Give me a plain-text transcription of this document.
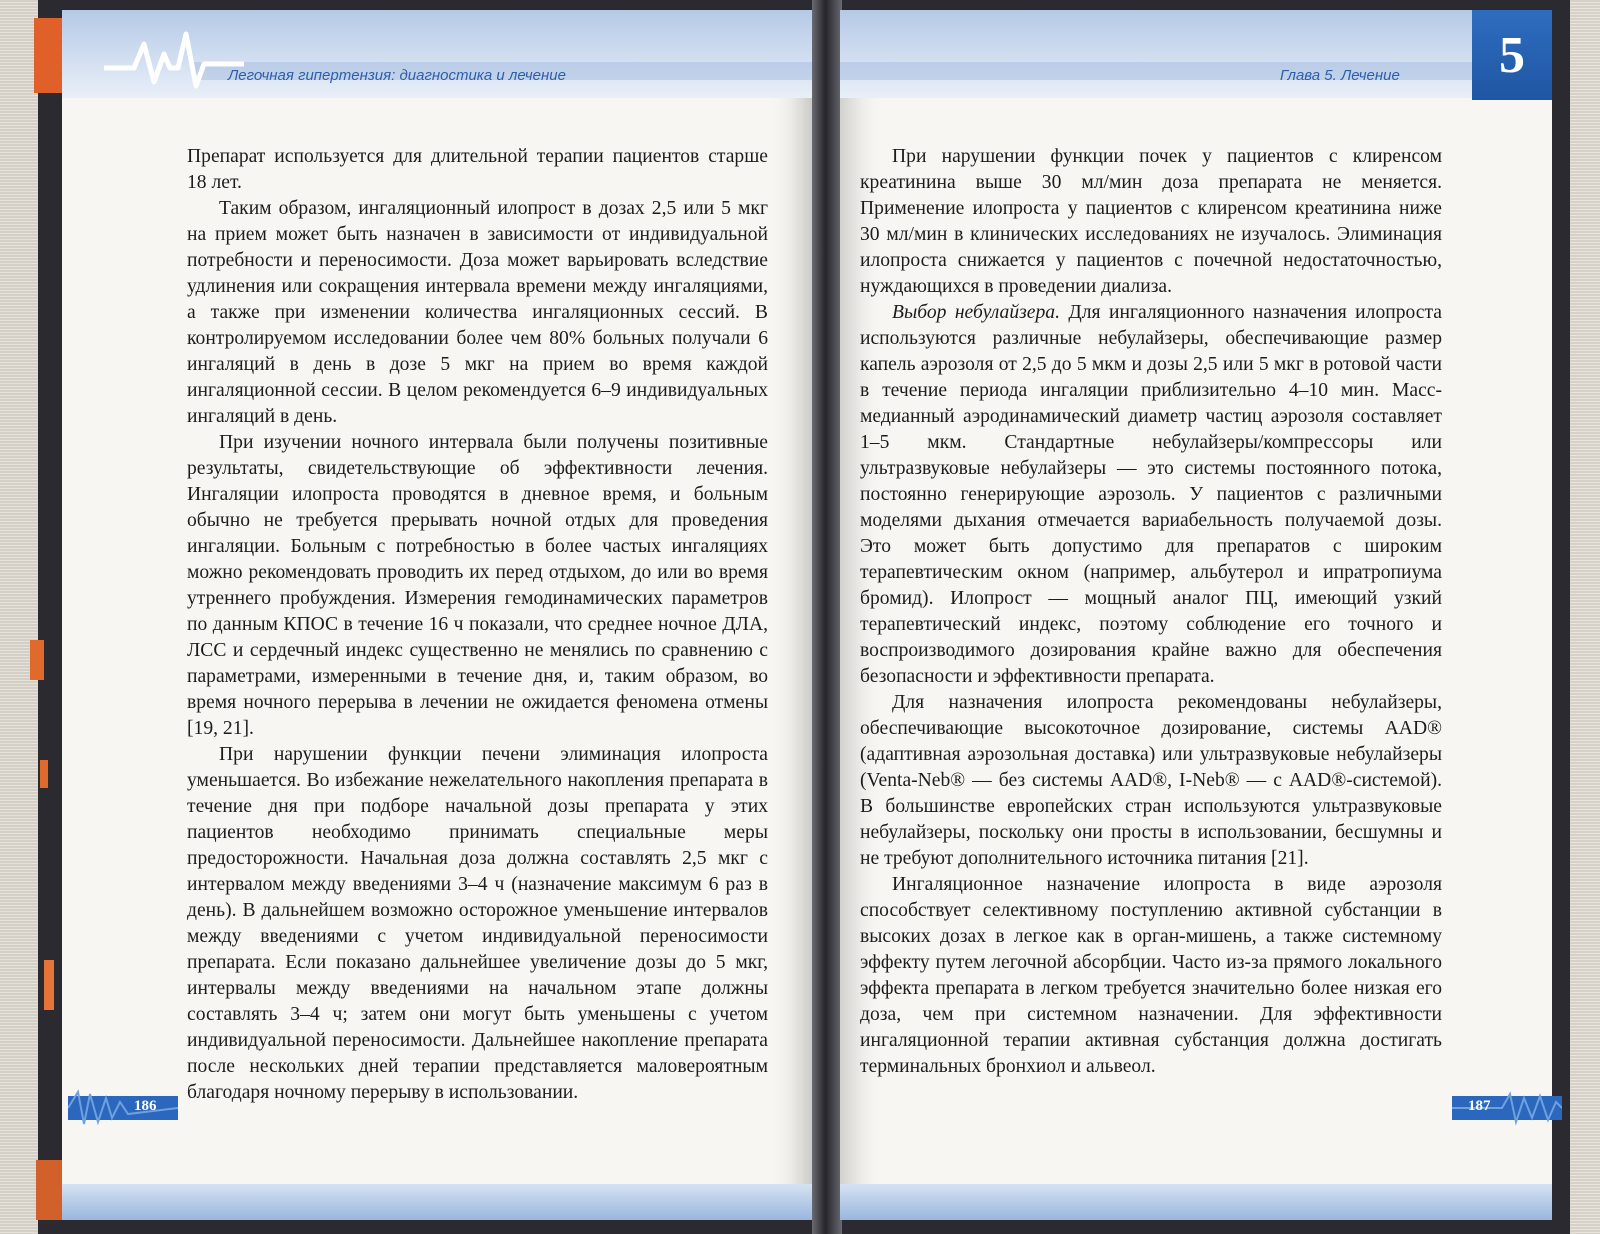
Легочная гипертензия: диагностика и лечение

Препарат используется для длительной терапии пациентов старше 18 лет.

Таким образом, ингаляционный илопрост в дозах 2,5 или 5 мкг на прием может быть назначен в зависимости от индивидуальной потребности и переносимости. Доза может варьировать вследствие удлинения или сокращения интервала времени между ингаляциями, а также при изменении количества ингаляционных сессий. В контролируемом исследовании более чем 80% больных получали 6 ингаляций в день в дозе 5 мкг на прием во время каждой ингаляционной сессии. В целом рекомендуется 6–9 индивидуальных ингаляций в день.

При изучении ночного интервала были получены позитивные результаты, свидетельствующие об эффективности лечения. Ингаляции илопроста проводятся в дневное время, и больным обычно не требуется прерывать ночной отдых для проведения ингаляции. Больным с потребностью в более частых ингаляциях можно рекомендовать проводить их перед отдыхом, до или во время утреннего пробуждения. Измерения гемодинамических параметров по данным КПОС в течение 16 ч показали, что среднее ночное ДЛА, ЛСС и сердечный индекс существенно не менялись по сравнению с параметрами, измеренными в течение дня, и, таким образом, во время ночного перерыва в лечении не ожидается феномена отмены [19, 21].

При нарушении функции печени элиминация илопроста уменьшается. Во избежание нежелательного накопления препарата в течение дня при подборе начальной дозы препарата у этих пациентов необходимо принимать специальные меры предосторожности. Начальная доза должна составлять 2,5 мкг с интервалом между введениями 3–4 ч (назначение максимум 6 раз в день). В дальнейшем возможно осторожное уменьшение интервалов между введениями с учетом индивидуальной переносимости препарата. Если показано дальнейшее увеличение дозы до 5 мкг, интервалы между введениями на начальном этапе должны составлять 3–4 ч; затем они могут быть уменьшены с учетом индивидуальной переносимости. Дальнейшее накопление препарата после нескольких дней терапии представляется маловероятным благодаря ночному перерыву в использовании.

186
Глава 5. Лечение	5

При нарушении функции почек у пациентов с клиренсом креатинина выше 30 мл/мин доза препарата не меняется. Применение илопроста у пациентов с клиренсом креатинина ниже 30 мл/мин в клинических исследованиях не изучалось. Элиминация илопроста снижается у пациентов с почечной недостаточностью, нуждающихся в проведении диализа.

Выбор небулайзера. Для ингаляционного назначения илопроста используются различные небулайзеры, обеспечивающие размер капель аэрозоля от 2,5 до 5 мкм и дозы 2,5 или 5 мкг в ротовой части в течение периода ингаляции приблизительно 4–10 мин. Масс-медианный аэродинамический диаметр частиц аэрозоля составляет 1–5 мкм. Стандартные небулайзеры/компрессоры или ультразвуковые небулайзеры — это системы постоянного потока, постоянно генерирующие аэрозоль. У пациентов с различными моделями дыхания отмечается вариабельность получаемой дозы. Это может быть допустимо для препаратов с широким терапевтическим окном (например, альбутерол и ипратропиума бромид). Илопрост — мощный аналог ПЦ, имеющий узкий терапевтический индекс, поэтому соблюдение его точного и воспроизводимого дозирования крайне важно для обеспечения безопасности и эффективности препарата.

Для назначения илопроста рекомендованы небулайзеры, обеспечивающие высокоточное дозирование, системы AAD® (адаптивная аэрозольная доставка) или ультразвуковые небулайзеры (Venta-Neb® — без системы AAD®, I-Neb® — с AAD®-системой). В большинстве европейских стран используются ультразвуковые небулайзеры, поскольку они просты в использовании, бесшумны и не требуют дополнительного источника питания [21].

Ингаляционное назначение илопроста в виде аэрозоля способствует селективному поступлению активной субстанции в высоких дозах в легкое как в орган-мишень, а также системному эффекту путем легочной абсорбции. Часто из-за прямого локального эффекта препарата в легком требуется значительно более низкая его доза, чем при системном назначении. Для эффективности ингаляционной терапии активная субстанция должна достигать терминальных бронхиол и альвеол.

187
